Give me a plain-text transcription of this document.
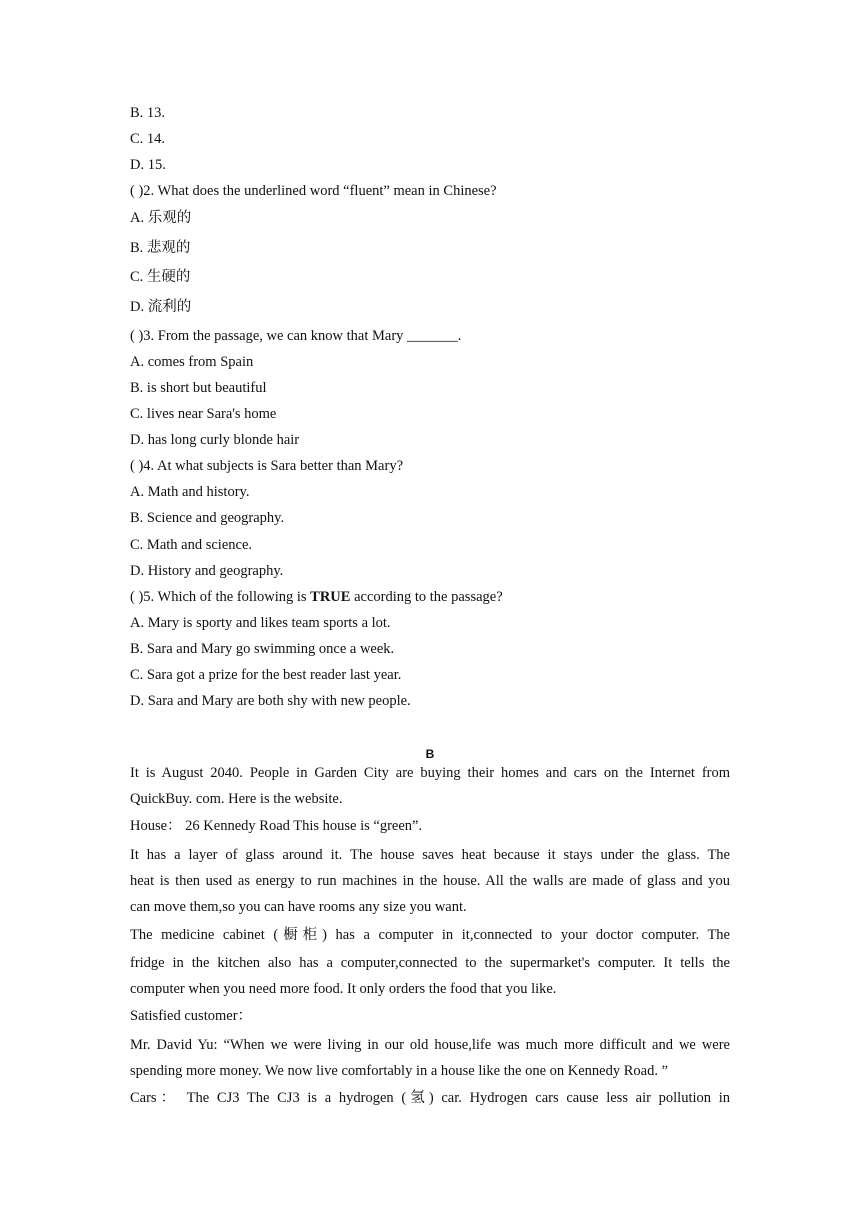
B. 13.
C. 14.
D. 15.
( )2. What does the underlined word “fluent” mean in Chinese?
A. 乐观的
B. 悲观的
C. 生硬的
D. 流利的
( )3. From the passage, we can know that Mary _______.
A. comes from Spain
B. is short but beautiful
C. lives near Sara's home
D. has long curly blonde hair
( )4. At what subjects is Sara better than Mary?
A. Math and history.
B. Science and geography.
C. Math and science.
D. History and geography.
( )5. Which of the following is TRUE according to the passage?
A. Mary is sporty and likes team sports a lot.
B. Sara and Mary go swimming once a week.
C. Sara got a prize for the best reader last year.
D. Sara and Mary are both shy with new people.
B
It is August 2040. People in Garden City are buying their homes and cars on the Internet from
QuickBuy. com. Here is the website.
House： 26 Kennedy Road This house is “green”.
It has a layer of glass around it. The house saves heat because it stays under the glass. The
heat is then used as energy to run machines in the house. All the walls are made of glass and you
can move them,so you can have rooms any size you want.
The medicine cabinet (橱柜) has a computer in it,connected to your doctor computer. The
fridge in the kitchen also has a computer,connected to the supermarket's computer. It tells the
computer when you need more food. It only orders the food that you like.
Satisfied customer：
Mr. David Yu: “When we were living in our old house,life was much more difficult and we were
spending more money. We now live comfortably in a house like the one on Kennedy Road. ”
Cars： The CJ3 The CJ3 is a hydrogen (氢) car. Hydrogen cars cause less air pollution in
